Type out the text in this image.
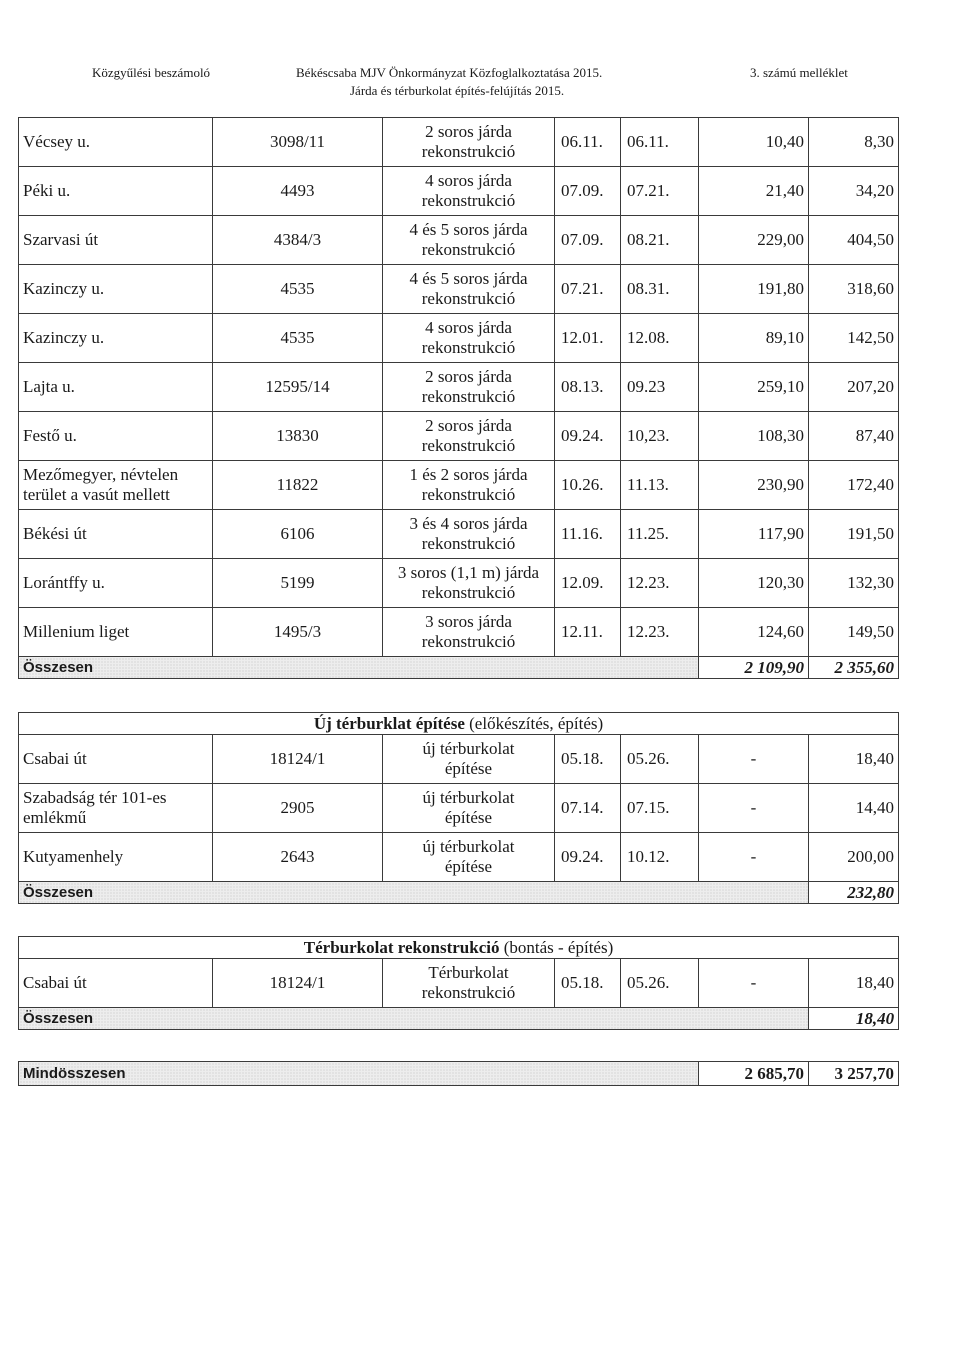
Közgyűlési beszámoló	Békéscsaba MJV Önkormányzat Közfoglalkoztatása 2015.
Járda és térburkolat építés-felújítás 2015.
3. számú melléklet
Vécsey u.	3098/11	2 soros járda
rekonstrukció	06.11.	06.11.	10,40	8,30
Péki u.	4493	4 soros járda
rekonstrukció	07.09.	07.21.	21,40	34,20
Szarvasi út	4384/3	4 és 5 soros járda
rekonstrukció	07.09.	08.21.	229,00	404,50
Kazinczy u.	4535	4 és 5 soros járda
rekonstrukció	07.21.	08.31.	191,80	318,60
Kazinczy u.	4535	4 soros járda
rekonstrukció	12.01.	12.08.	89,10	142,50
Lajta u.	12595/14	2 soros járda
rekonstrukció	08.13.	09.23	259,10	207,20
Festő u.	13830	2 soros járda
rekonstrukció	09.24.	10,23.	108,30	87,40
Mezőmegyer, névtelen terület a vasút mellett	11822	1 és 2 soros járda
rekonstrukció	10.26.	11.13.	230,90	172,40
Békési út	6106	3 és 4 soros járda
rekonstrukció	11.16.	11.25.	117,90	191,50
Lorántffy u.	5199	3 soros (1,1 m) járda
rekonstrukció	12.09.	12.23.	120,30	132,30
Millenium liget	1495/3	3 soros járda
rekonstrukció	12.11.	12.23.	124,60	149,50
Összesen					2 109,90	2 355,60
Új térburklat építése (előkészítés, építés)						
Csabai út	18124/1	új térburkolat
építése	05.18.	05.26.	-	18,40
Szabadság tér 101-es emlékmű	2905	új térburkolat
építése	07.14.	07.15.	-	14,40
Kutyamenhely	2643	új térburkolat
építése	09.24.	10.12.	-	200,00
Összesen						232,80
Térburkolat rekonstrukció (bontás - építés)						
Csabai út	18124/1	Térburkolat
rekonstrukció	05.18.	05.26.	-	18,40
Összesen						18,40
Mindösszesen	2 685,70	3 257,70
